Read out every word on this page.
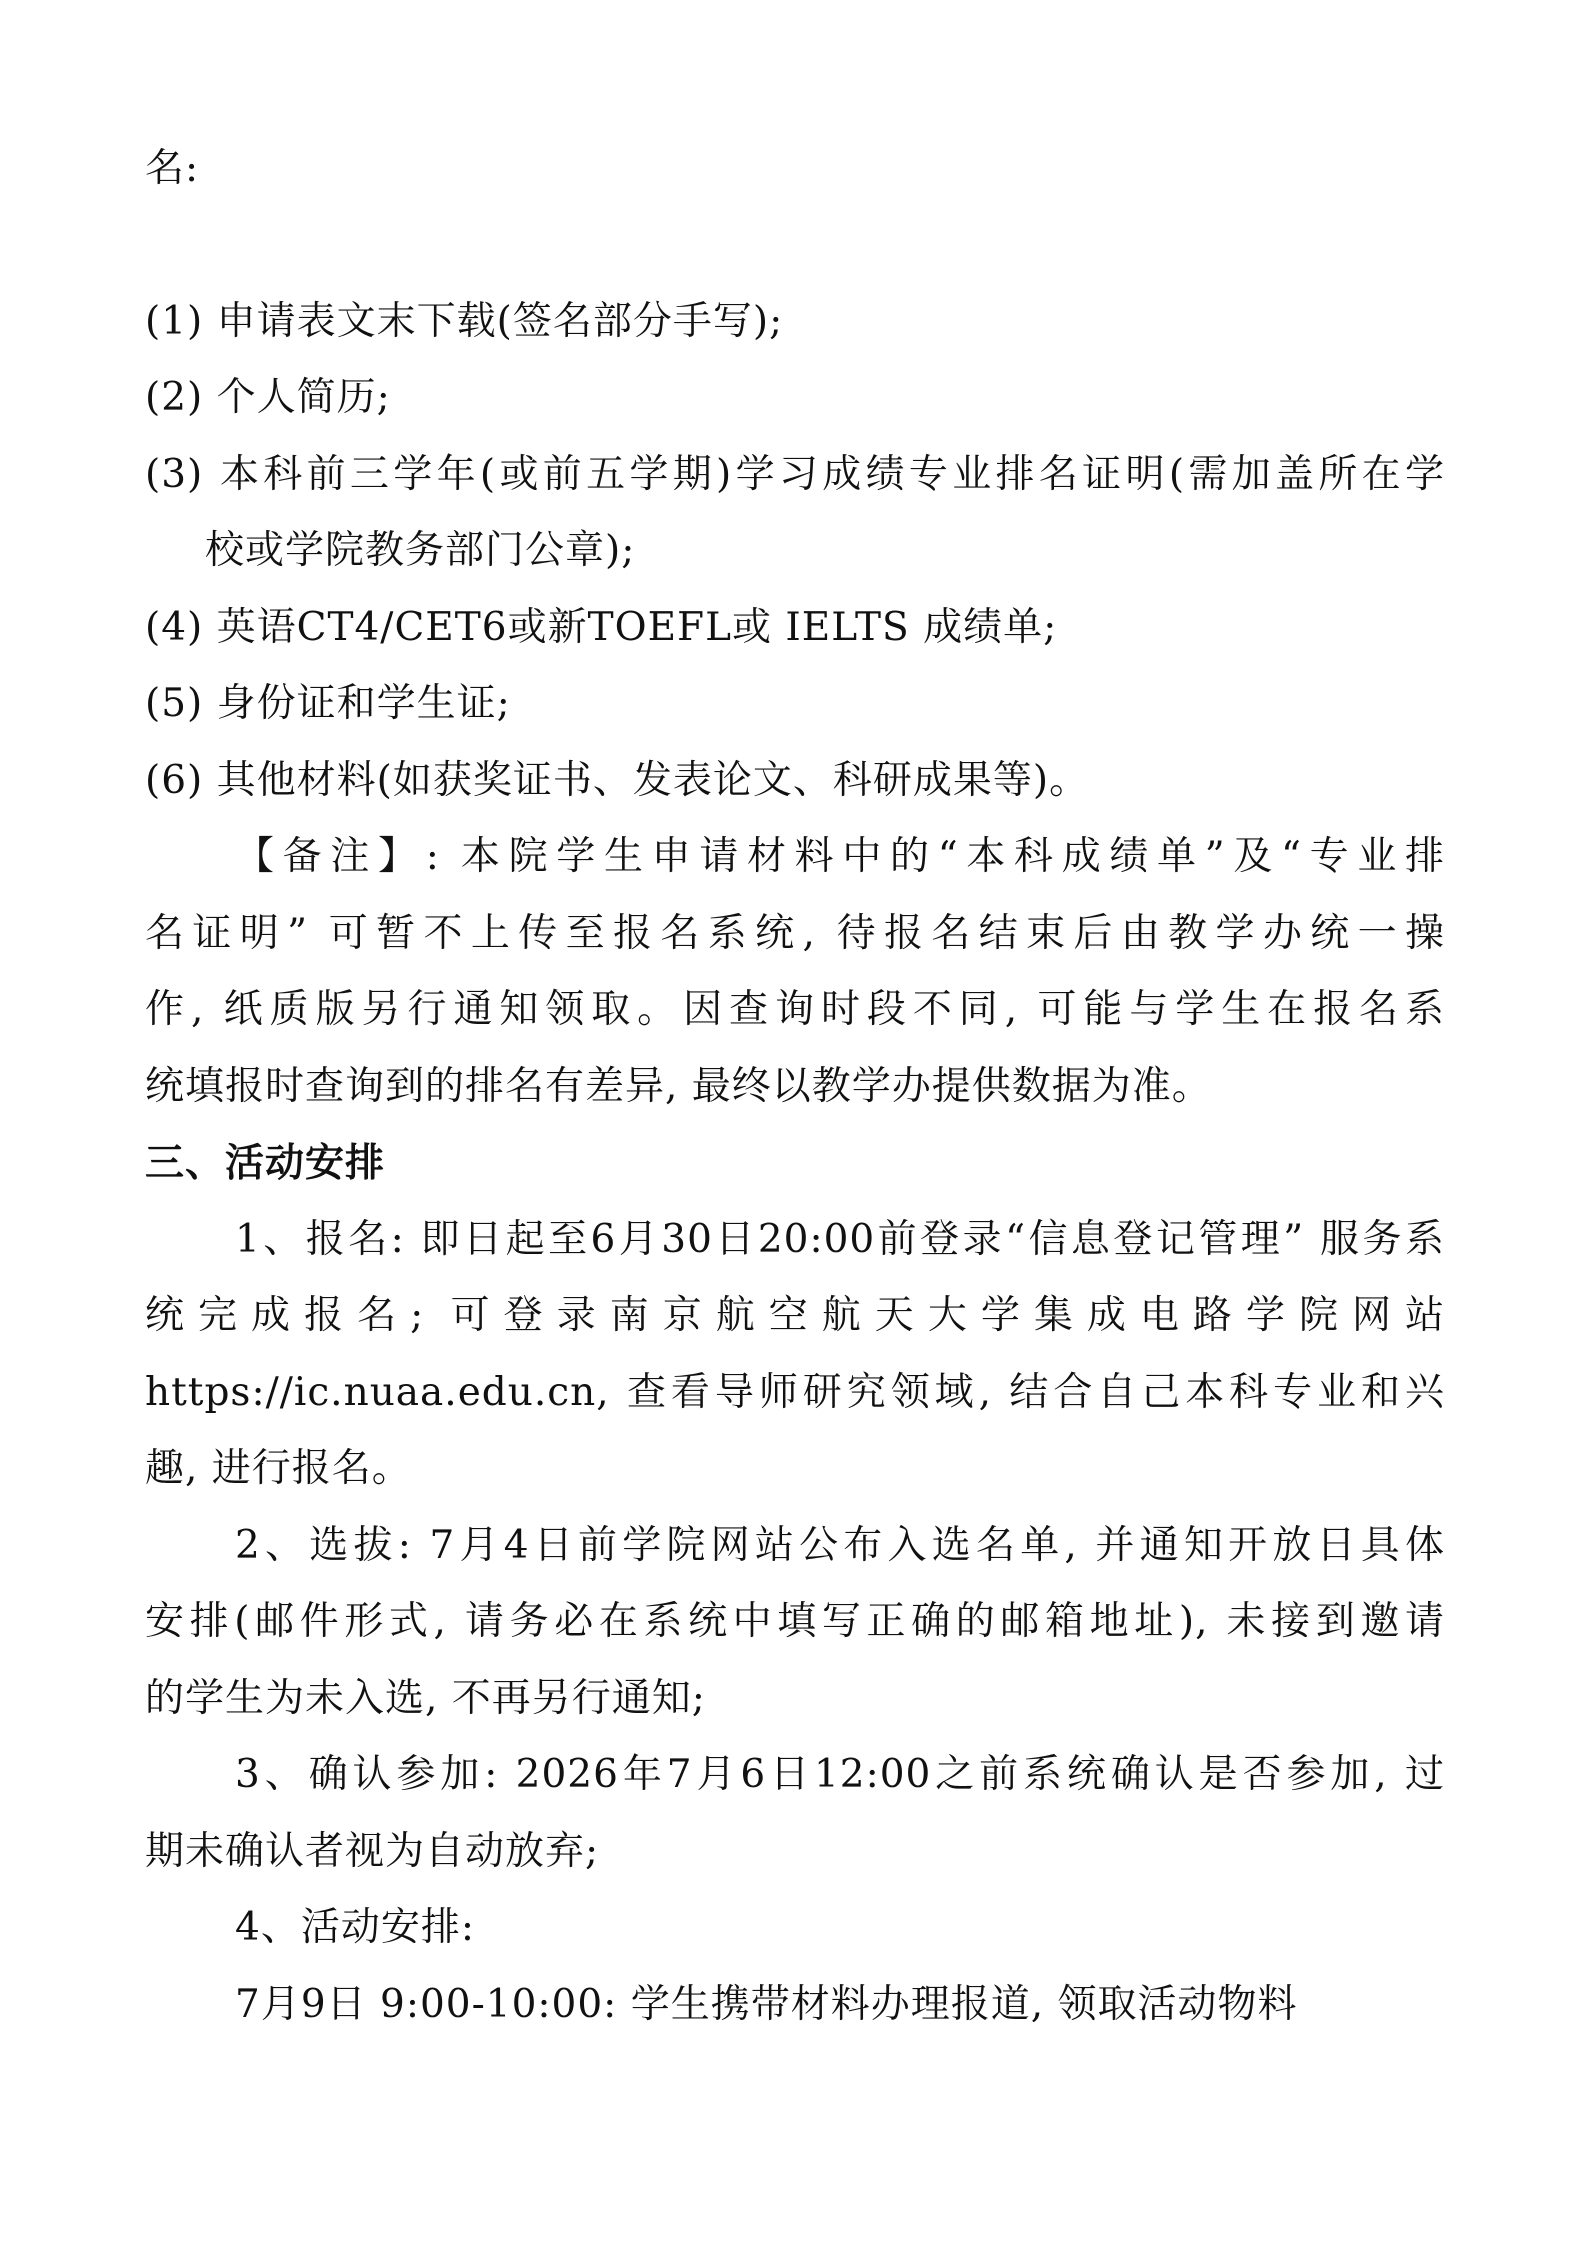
名:
(1) 申请表文末下载(签名部分手写);
(2) 个人简历;
(3) 本科前三学年(或前五学期)学习成绩专业排名证明(需加盖所在学
校或学院教务部门公章);
(4) 英语CT4/CET6或新TOEFL或 IELTS 成绩单;
(5) 身份证和学生证;
(6) 其他材料(如获奖证书、发表论文、科研成果等)。
【备注】: 本院学生申请材料中的“本科成绩单”及“专业排
名证明” 可暂不上传至报名系统, 待报名结束后由教学办统一操
作, 纸质版另行通知领取。因查询时段不同, 可能与学生在报名系
统填报时查询到的排名有差异, 最终以教学办提供数据为准。
三、活动安排
1、报名: 即日起至6月30日20:00前登录“信息登记管理” 服务系
统完成报名; 可登录南京航空航天大学集成电路学院网站
https://ic.nuaa.edu.cn, 查看导师研究领域, 结合自己本科专业和兴
趣, 进行报名。
2、选拔: 7月4日前学院网站公布入选名单, 并通知开放日具体
安排(邮件形式, 请务必在系统中填写正确的邮箱地址), 未接到邀请
的学生为未入选, 不再另行通知;
3、确认参加: 2026年7月6日12:00之前系统确认是否参加, 过
期未确认者视为自动放弃;
4、活动安排:
7月9日 9:00-10:00: 学生携带材料办理报道, 领取活动物料
